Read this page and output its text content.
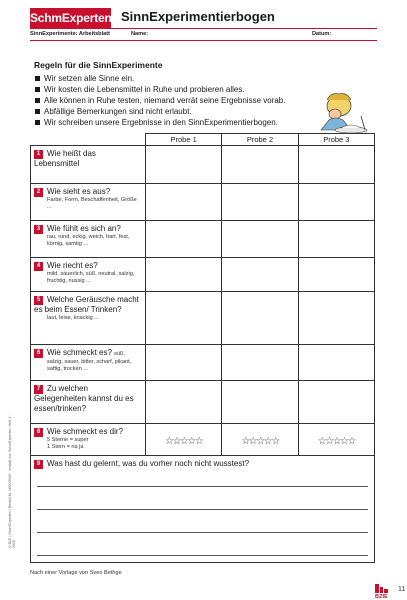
SchmExperten SinnExperimentierbogen
SinnExperimente: Arbeitsblatt	Name:	Datum:
Regeln für die SinnExperimente
Wir setzen alle Sinne ein.
Wir kosten die Lebensmittel in Ruhe und probieren alles.
Alle können in Ruhe testen, niemand verrät seine Ergebnisse vorab.
Abfällige Bemerkungen sind nicht erlaubt.
Wir schreiben unsere Ergebnisse in den SinnExperimentierbogen.
	Probe 1	Probe 2	Probe 3
1 Wie heißt das Lebensmittel			
2 Wie sieht es aus?
Farbe, Form, Beschaffenheit, Größe ...			

3 Wie fühlt es sich an?
rau, rund, eckig, weich, hart, fest, körnig, samtig ...			

4 Wie riecht es?
mild, säuerlich, süß, neutral, salzig, fruchtig, nussig ...			

5 Welche Geräusche macht es beim Essen/ Trinken?
laut, leise, knackig ...			

6 Wie schmeckt es? süß,
salzig, sauer, bitter, scharf, pikant, saftig, trocken ...			

7 Zu welchen Gelegenheiten kannst du es essen/trinken?			
8 Wie schmeckt es dir?
5 Sterne = super
1 Stern = na ja	☆☆☆☆☆	☆☆☆☆☆	☆☆☆☆☆
9 Was hast du gelernt, was du vorher noch nicht wusstest?			
Nach einer Vorlage von Sveo Bethge
© BLE | SchmExperten | Bestell-Nr. 0000/2019 · erstellt von SchmExperten, Heft 1 · 2019
BZfE
11
